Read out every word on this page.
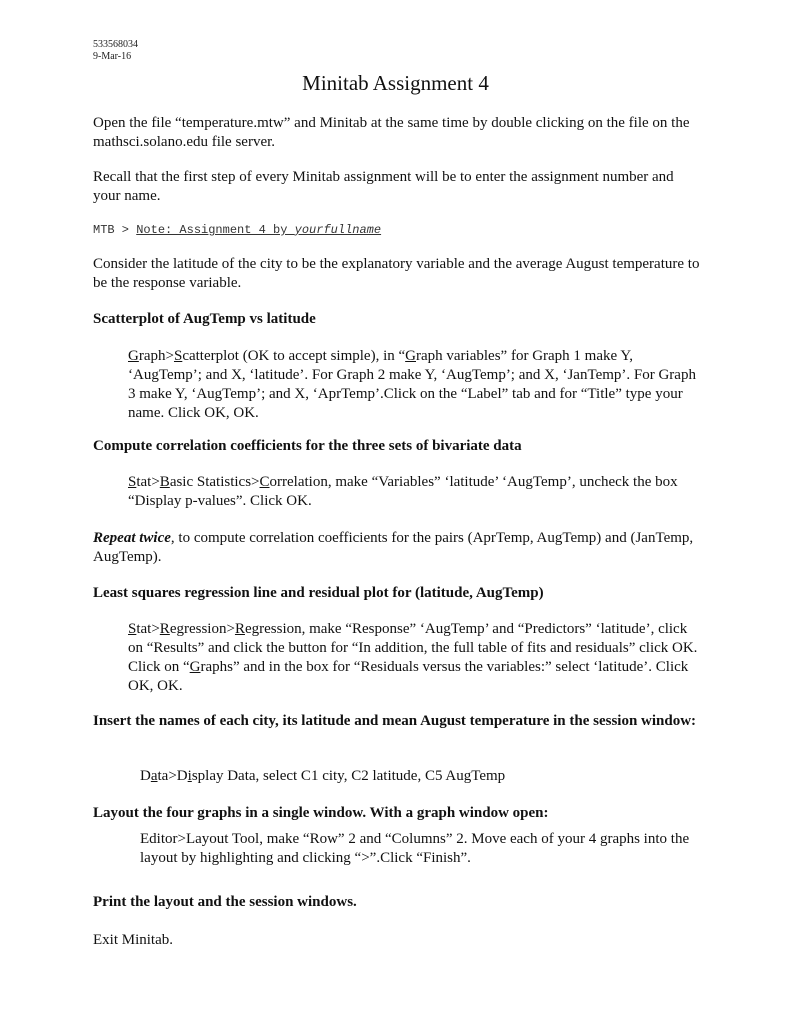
533568034

9-Mar-16

Minitab Assignment 4

Open the file “temperature.mtw” and Minitab at the same time by double clicking on the file on the mathsci.solano.edu file server.

Recall that the first step of every Minitab assignment will be to enter the assignment number and your name.

MTB > Note: Assignment 4 by yourfullname

Consider the latitude of the city to be the explanatory variable and the average August temperature to be the response variable.

Scatterplot of AugTemp vs latitude

Graph>Scatterplot (OK to accept simple), in “Graph variables” for Graph 1 make Y, ‘AugTemp’; and X, ‘latitude’. For Graph 2 make Y, ‘AugTemp’; and X, ‘JanTemp’. For Graph 3 make Y, ‘AugTemp’; and X, ‘AprTemp’.Click on the “Label” tab and for “Title” type your name. Click OK, OK.

Compute correlation coefficients for the three sets of bivariate data

Stat>Basic Statistics>Correlation, make “Variables” ‘latitude’ ‘AugTemp’, uncheck the box “Display p-values”. Click OK.

Repeat twice, to compute correlation coefficients for the pairs (AprTemp, AugTemp) and (JanTemp, AugTemp).

Least squares regression line and residual plot for (latitude, AugTemp)

Stat>Regression>Regression, make “Response” ‘AugTemp’ and “Predictors” ‘latitude’, click on “Results” and click the button for “In addition, the full table of fits and residuals” click OK. Click on “Graphs” and in the box for “Residuals versus the variables:” select ‘latitude’. Click OK, OK.

Insert the names of each city, its latitude and mean August temperature in the session window:

Data>Display Data, select C1 city, C2 latitude, C5 AugTemp

Layout the four graphs in a single window. With a graph window open:

Editor>Layout Tool, make “Row” 2 and “Columns” 2. Move each of your 4 graphs into the layout by highlighting and clicking “>”.Click “Finish”.

Print the layout and the session windows.

Exit Minitab.
